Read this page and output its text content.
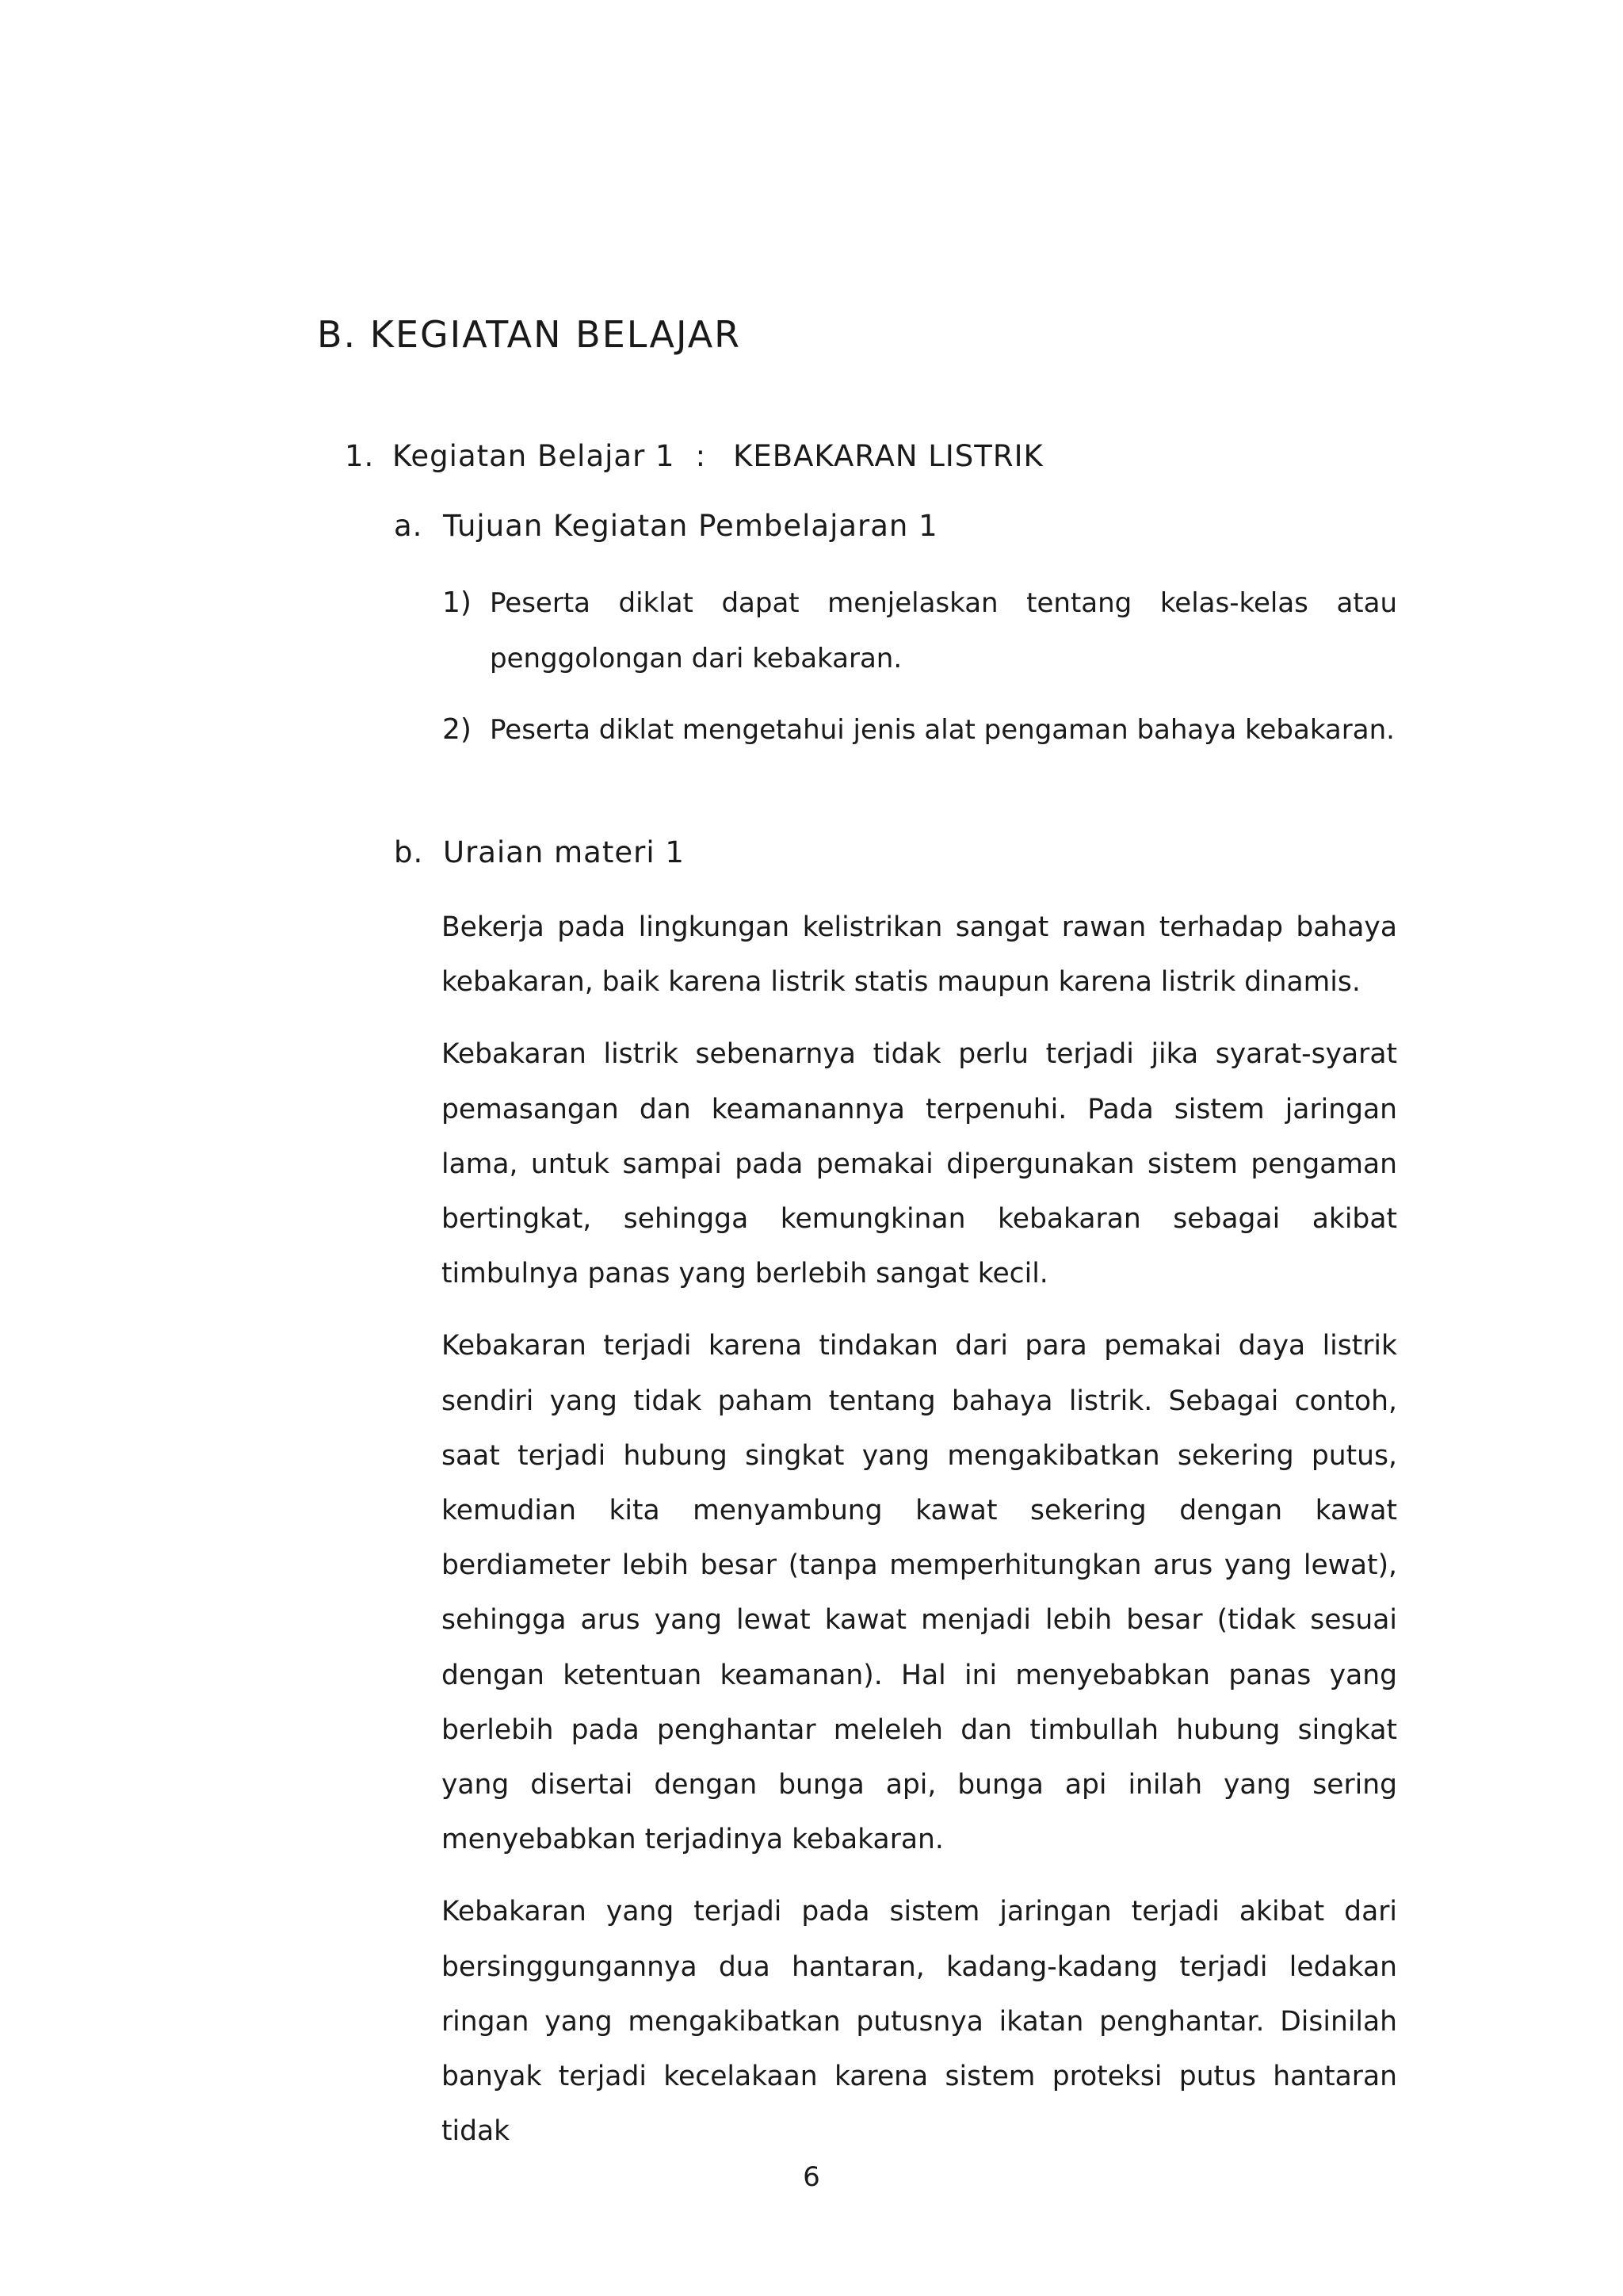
B. KEGIATAN BELAJAR
1. Kegiatan Belajar 1 : KEBAKARAN LISTRIK
a. Tujuan Kegiatan Pembelajaran 1
1) Peserta diklat dapat menjelaskan tentang kelas-kelas atau penggolongan dari kebakaran.
2) Peserta diklat mengetahui jenis alat pengaman bahaya kebakaran.
b. Uraian materi 1

Bekerja pada lingkungan kelistrikan sangat rawan terhadap bahaya kebakaran, baik karena listrik statis maupun karena listrik dinamis.

Kebakaran listrik sebenarnya tidak perlu terjadi jika syarat-syarat pemasangan dan keamanannya terpenuhi. Pada sistem jaringan lama, untuk sampai pada pemakai dipergunakan sistem pengaman bertingkat, sehingga kemungkinan kebakaran sebagai akibat timbulnya panas yang berlebih sangat kecil.

Kebakaran terjadi karena tindakan dari para pemakai daya listrik sendiri yang tidak paham tentang bahaya listrik. Sebagai contoh, saat terjadi hubung singkat yang mengakibatkan sekering putus, kemudian kita menyambung kawat sekering dengan kawat berdiameter lebih besar (tanpa memperhitungkan arus yang lewat), sehingga arus yang lewat kawat menjadi lebih besar (tidak sesuai dengan ketentuan keamanan). Hal ini menyebabkan panas yang berlebih pada penghantar meleleh dan timbullah hubung singkat yang disertai dengan bunga api, bunga api inilah yang sering menyebabkan terjadinya kebakaran.

Kebakaran yang terjadi pada sistem jaringan terjadi akibat dari bersinggungannya dua hantaran, kadang-kadang terjadi ledakan ringan yang mengakibatkan putusnya ikatan penghantar. Disinilah banyak terjadi kecelakaan karena sistem proteksi putus hantaran tidak

6
